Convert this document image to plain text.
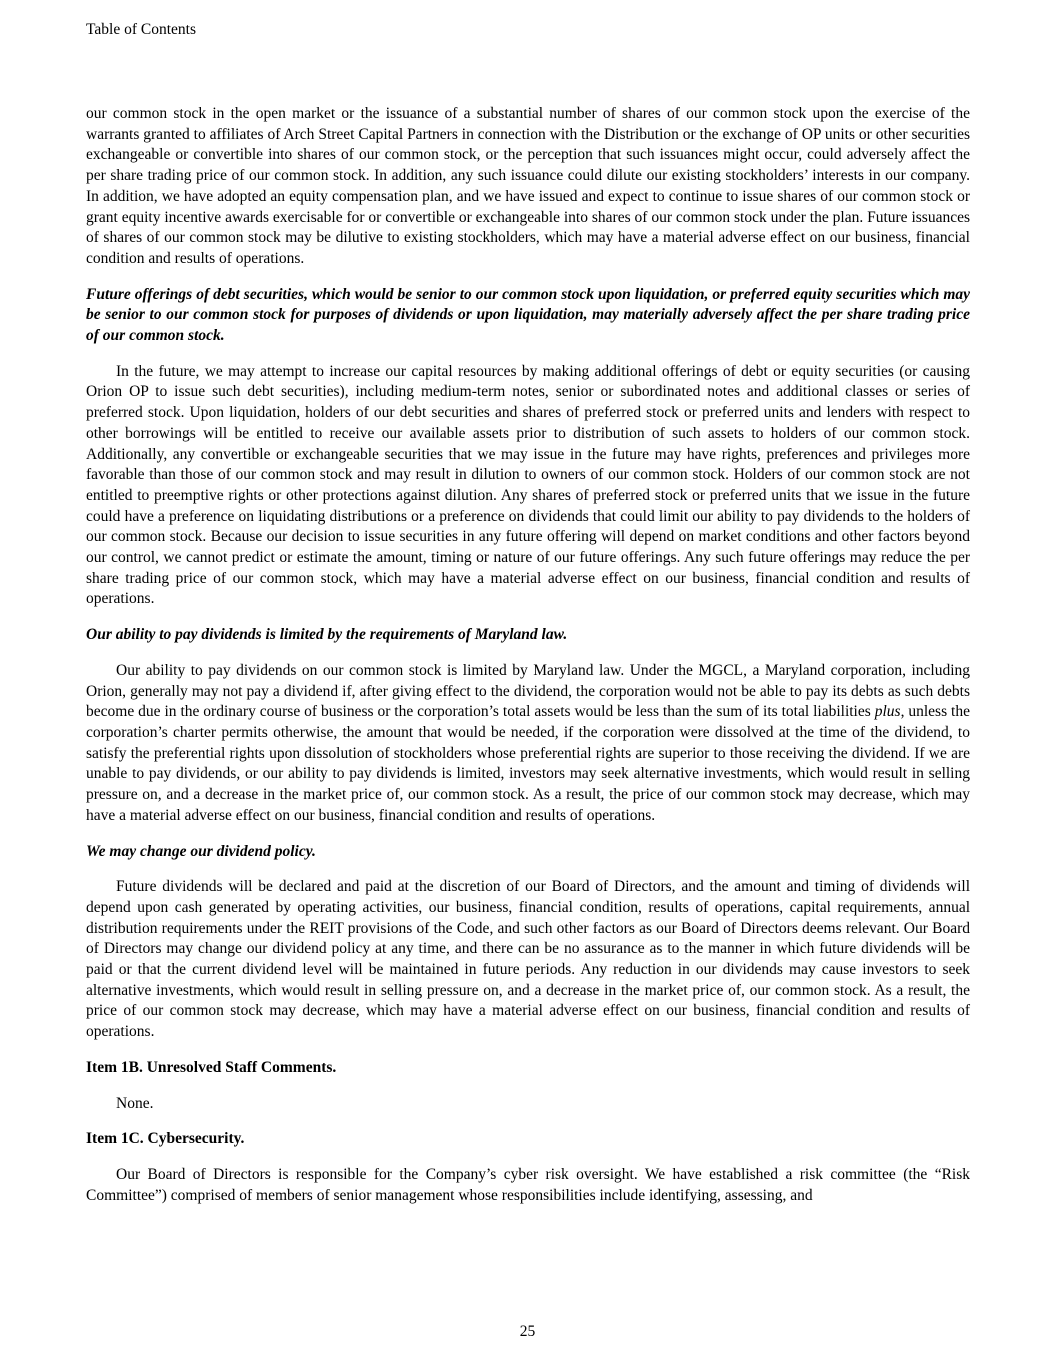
Table of Contents

our common stock in the open market or the issuance of a substantial number of shares of our common stock upon the exercise of the warrants granted to affiliates of Arch Street Capital Partners in connection with the Distribution or the exchange of OP units or other securities exchangeable or convertible into shares of our common stock, or the perception that such issuances might occur, could adversely affect the per share trading price of our common stock. In addition, any such issuance could dilute our existing stockholders’ interests in our company. In addition, we have adopted an equity compensation plan, and we have issued and expect to continue to issue shares of our common stock or grant equity incentive awards exercisable for or convertible or exchangeable into shares of our common stock under the plan. Future issuances of shares of our common stock may be dilutive to existing stockholders, which may have a material adverse effect on our business, financial condition and results of operations.

Future offerings of debt securities, which would be senior to our common stock upon liquidation, or preferred equity securities which may be senior to our common stock for purposes of dividends or upon liquidation, may materially adversely affect the per share trading price of our common stock.

In the future, we may attempt to increase our capital resources by making additional offerings of debt or equity securities (or causing Orion OP to issue such debt securities), including medium-term notes, senior or subordinated notes and additional classes or series of preferred stock. Upon liquidation, holders of our debt securities and shares of preferred stock or preferred units and lenders with respect to other borrowings will be entitled to receive our available assets prior to distribution of such assets to holders of our common stock. Additionally, any convertible or exchangeable securities that we may issue in the future may have rights, preferences and privileges more favorable than those of our common stock and may result in dilution to owners of our common stock. Holders of our common stock are not entitled to preemptive rights or other protections against dilution. Any shares of preferred stock or preferred units that we issue in the future could have a preference on liquidating distributions or a preference on dividends that could limit our ability to pay dividends to the holders of our common stock. Because our decision to issue securities in any future offering will depend on market conditions and other factors beyond our control, we cannot predict or estimate the amount, timing or nature of our future offerings. Any such future offerings may reduce the per share trading price of our common stock, which may have a material adverse effect on our business, financial condition and results of operations.

Our ability to pay dividends is limited by the requirements of Maryland law.

Our ability to pay dividends on our common stock is limited by Maryland law. Under the MGCL, a Maryland corporation, including Orion, generally may not pay a dividend if, after giving effect to the dividend, the corporation would not be able to pay its debts as such debts become due in the ordinary course of business or the corporation’s total assets would be less than the sum of its total liabilities plus, unless the corporation’s charter permits otherwise, the amount that would be needed, if the corporation were dissolved at the time of the dividend, to satisfy the preferential rights upon dissolution of stockholders whose preferential rights are superior to those receiving the dividend. If we are unable to pay dividends, or our ability to pay dividends is limited, investors may seek alternative investments, which would result in selling pressure on, and a decrease in the market price of, our common stock. As a result, the price of our common stock may decrease, which may have a material adverse effect on our business, financial condition and results of operations.

We may change our dividend policy.

Future dividends will be declared and paid at the discretion of our Board of Directors, and the amount and timing of dividends will depend upon cash generated by operating activities, our business, financial condition, results of operations, capital requirements, annual distribution requirements under the REIT provisions of the Code, and such other factors as our Board of Directors deems relevant. Our Board of Directors may change our dividend policy at any time, and there can be no assurance as to the manner in which future dividends will be paid or that the current dividend level will be maintained in future periods. Any reduction in our dividends may cause investors to seek alternative investments, which would result in selling pressure on, and a decrease in the market price of, our common stock. As a result, the price of our common stock may decrease, which may have a material adverse effect on our business, financial condition and results of operations.

Item 1B. Unresolved Staff Comments.

None.

Item 1C. Cybersecurity.

Our Board of Directors is responsible for the Company’s cyber risk oversight. We have established a risk committee (the “Risk Committee”) comprised of members of senior management whose responsibilities include identifying, assessing, and

25
